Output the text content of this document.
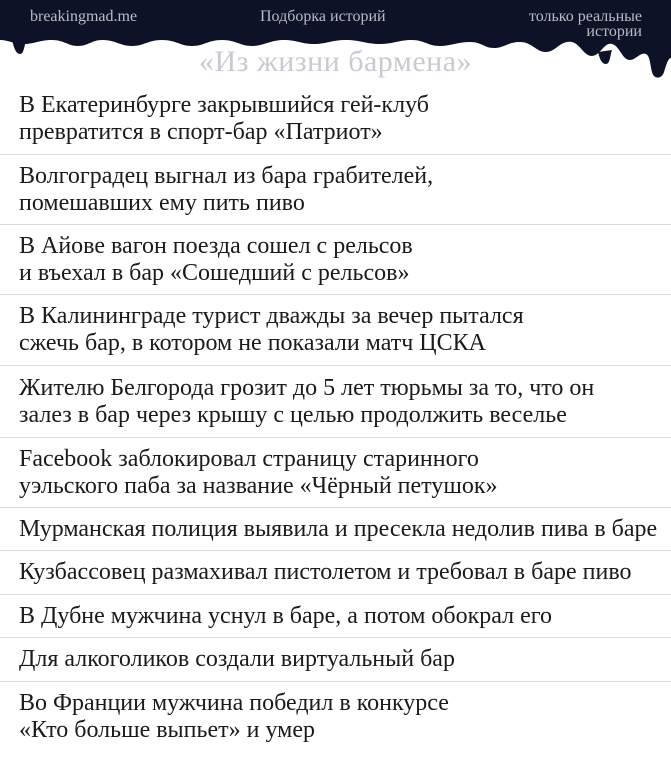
breakingmad.me	Подборка историй	только реальные
истории
«Из жизни бармена»
В Екатеринбурге закрывшийся гей-клуб
превратится в спорт-бар «Патриот»
Волгоградец выгнал из бара грабителей,
помешавших ему пить пиво
В Айове вагон поезда сошел с рельсов
и въехал в бар «Сошедший с рельсов»
В Калининграде турист дважды за вечер пытался
сжечь бар, в котором не показали матч ЦСКА
Жителю Белгорода грозит до 5 лет тюрьмы за то, что он
залез в бар через крышу с целью продолжить веселье
Facebook заблокировал страницу старинного
уэльского паба за название «Чёрный петушок»
Мурманская полиция выявила и пресекла недолив пива в баре
Кузбассовец размахивал пистолетом и требовал в баре пиво
В Дубне мужчина уснул в баре, а потом обокрал его
Для алкоголиков создали виртуальный бар
Во Франции мужчина победил в конкурсе
«Кто больше выпьет» и умер
